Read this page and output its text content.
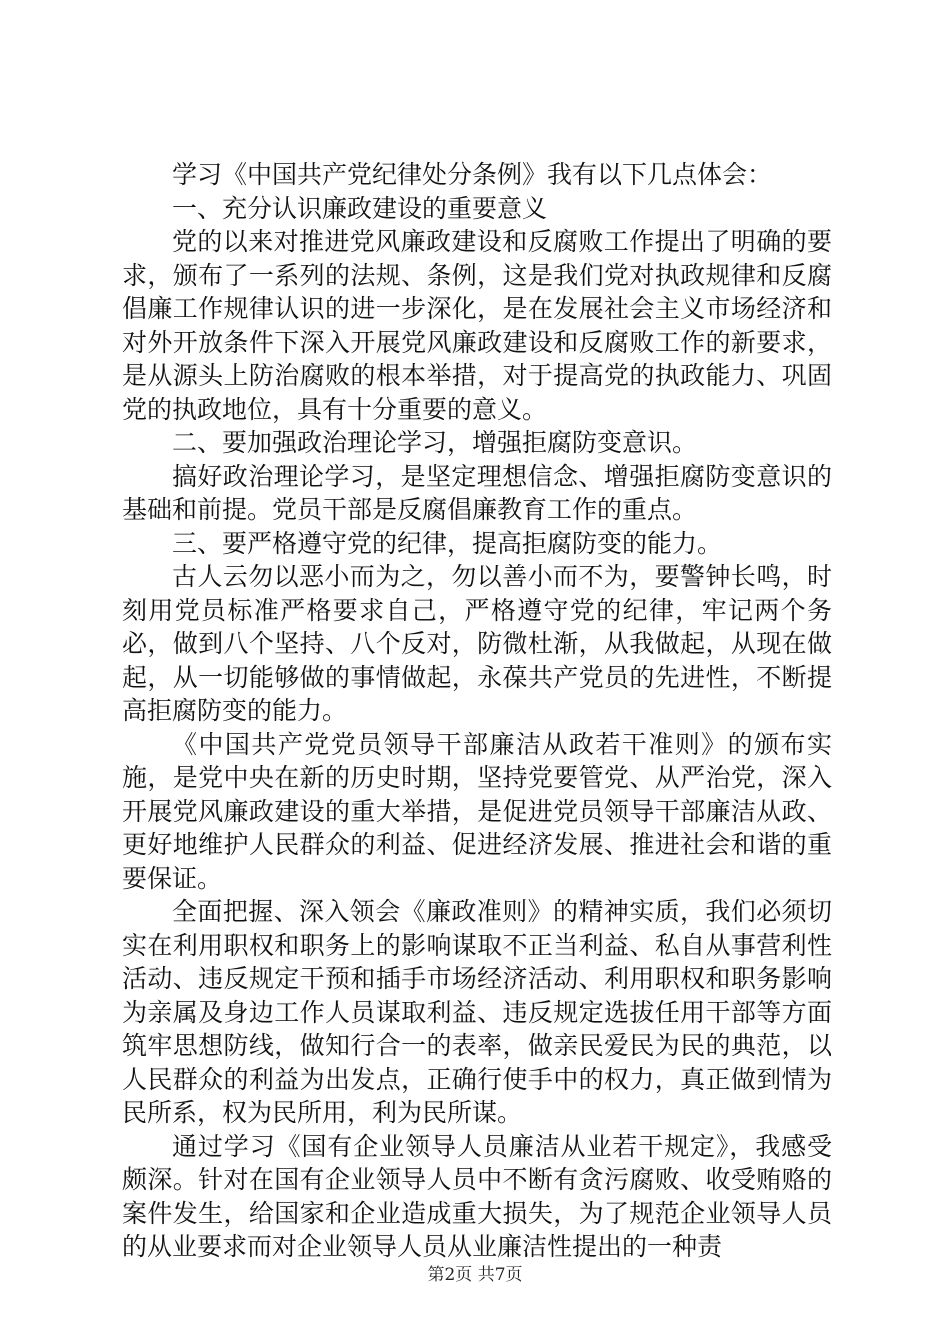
学习《中国共产党纪律处分条例》我有以下几点体会：

一、充分认识廉政建设的重要意义

党的以来对推进党风廉政建设和反腐败工作提出了明确的要求，颁布了一系列的法规、条例，这是我们党对执政规律和反腐倡廉工作规律认识的进一步深化，是在发展社会主义市场经济和对外开放条件下深入开展党风廉政建设和反腐败工作的新要求，是从源头上防治腐败的根本举措，对于提高党的执政能力、巩固党的执政地位，具有十分重要的意义。

二、要加强政治理论学习，增强拒腐防变意识。

搞好政治理论学习，是坚定理想信念、增强拒腐防变意识的基础和前提。党员干部是反腐倡廉教育工作的重点。

三、要严格遵守党的纪律，提高拒腐防变的能力。

古人云勿以恶小而为之，勿以善小而不为，要警钟长鸣，时刻用党员标准严格要求自己，严格遵守党的纪律，牢记两个务必，做到八个坚持、八个反对，防微杜渐，从我做起，从现在做起，从一切能够做的事情做起，永葆共产党员的先进性，不断提高拒腐防变的能力。

《中国共产党党员领导干部廉洁从政若干准则》的颁布实施，是党中央在新的历史时期，坚持党要管党、从严治党，深入开展党风廉政建设的重大举措，是促进党员领导干部廉洁从政、更好地维护人民群众的利益、促进经济发展、推进社会和谐的重要保证。

全面把握、深入领会《廉政准则》的精神实质，我们必须切实在利用职权和职务上的影响谋取不正当利益、私自从事营利性活动、违反规定干预和插手市场经济活动、利用职权和职务影响为亲属及身边工作人员谋取利益、违反规定选拔任用干部等方面筑牢思想防线，做知行合一的表率，做亲民爱民为民的典范，以人民群众的利益为出发点，正确行使手中的权力，真正做到情为民所系，权为民所用，利为民所谋。

通过学习《国有企业领导人员廉洁从业若干规定》，我感受颇深。针对在国有企业领导人员中不断有贪污腐败、收受贿赂的案件发生，给国家和企业造成重大损失，为了规范企业领导人员的从业要求而对企业领导人员从业廉洁性提出的一种责

第2页 共7页
